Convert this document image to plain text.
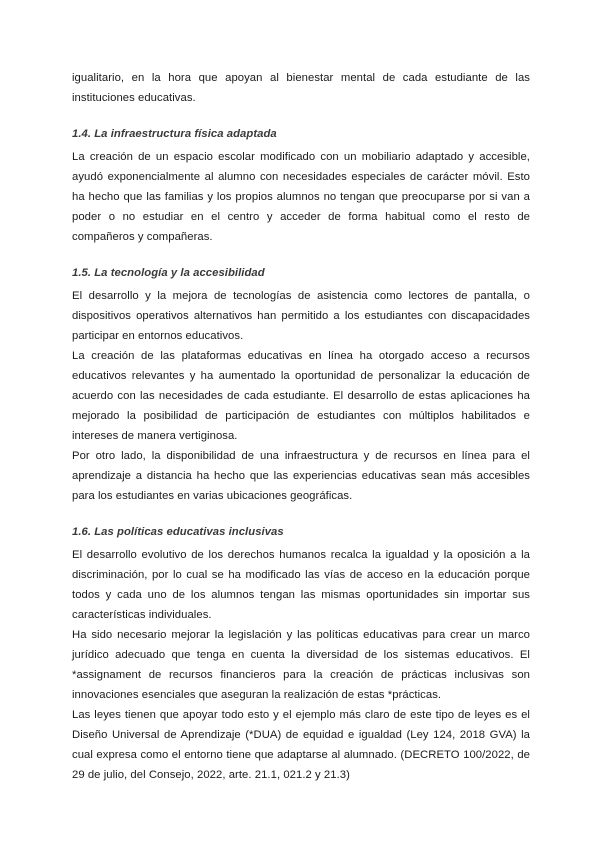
igualitario, en la hora que apoyan al bienestar mental de cada estudiante de las instituciones educativas.

1.4. La infraestructura física adaptada

La creación de un espacio escolar modificado con un mobiliario adaptado y accesible, ayudó exponencialmente al alumno con necesidades especiales de carácter móvil. Esto ha hecho que las familias y los propios alumnos no tengan que preocuparse por si van a poder o no estudiar en el centro y acceder de forma habitual como el resto de compañeros y compañeras.

1.5. La tecnología y la accesibilidad

El desarrollo y la mejora de tecnologías de asistencia como lectores de pantalla, o dispositivos operativos alternativos han permitido a los estudiantes con discapacidades participar en entornos educativos.

La creación de las plataformas educativas en línea ha otorgado acceso a recursos educativos relevantes y ha aumentado la oportunidad de personalizar la educación de acuerdo con las necesidades de cada estudiante. El desarrollo de estas aplicaciones ha mejorado la posibilidad de participación de estudiantes con múltiplos habilitados e intereses de manera vertiginosa.

Por otro lado, la disponibilidad de una infraestructura y de recursos en línea para el aprendizaje a distancia ha hecho que las experiencias educativas sean más accesibles para los estudiantes en varias ubicaciones geográficas.

1.6. Las políticas educativas inclusivas

El desarrollo evolutivo de los derechos humanos recalca la igualdad y la oposición a la discriminación, por lo cual se ha modificado las vías de acceso en la educación porque todos y cada uno de los alumnos tengan las mismas oportunidades sin importar sus características individuales.

Ha sido necesario mejorar la legislación y las políticas educativas para crear un marco jurídico adecuado que tenga en cuenta la diversidad de los sistemas educativos. El *assignament de recursos financieros para la creación de prácticas inclusivas son innovaciones esenciales que aseguran la realización de estas *prácticas.

Las leyes tienen que apoyar todo esto y el ejemplo más claro de este tipo de leyes es el Diseño Universal de Aprendizaje (*DUA) de equidad e igualdad (Ley 124, 2018 GVA) la cual expresa como el entorno tiene que adaptarse al alumnado. (DECRETO 100/2022, de 29 de julio, del Consejo, 2022, arte. 21.1, 021.2 y 21.3)
